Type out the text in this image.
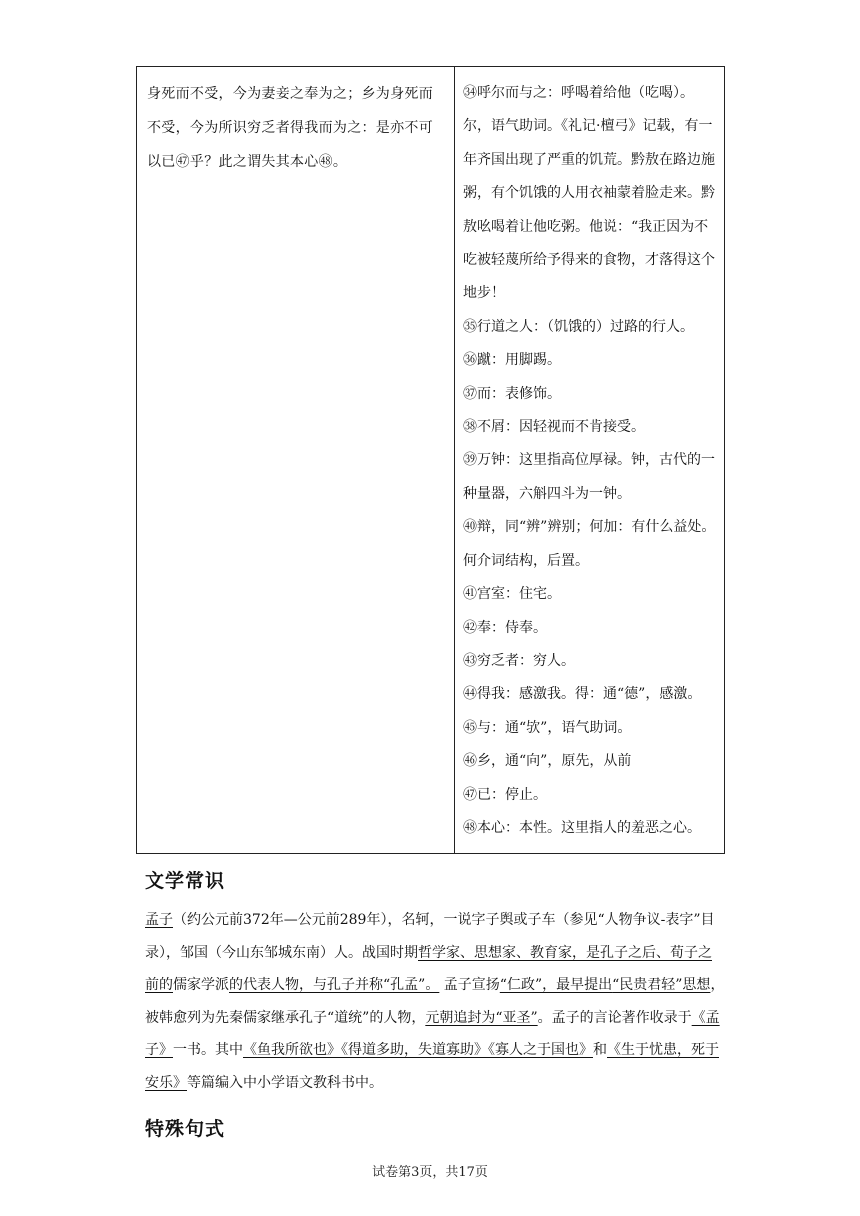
身死而不受，今为妻妾之奉为之；乡为身死而不受，今为所识穷乏者得我而为之：是亦不可以已㊼乎？此之谓失其本心㊽。

㉞呼尔而与之：呼喝着给他（吃喝）。尔，语气助词。《礼记·檀弓》记载，有一年齐国出现了严重的饥荒。黔敖在路边施粥，有个饥饿的人用衣袖蒙着脸走来。黔敖吆喝着让他吃粥。他说：“我正因为不吃被轻蔑所给予得来的食物，才落得这个地步！

㉟行道之人：（饥饿的）过路的行人。

㊱蹴：用脚踢。

㊲而：表修饰。

㊳不屑：因轻视而不肯接受。

㊴万钟：这里指高位厚禄。钟，古代的一种量器，六斛四斗为一钟。

㊵辩，同“辨”辨别；何加：有什么益处。何介词结构，后置。

㊶宫室：住宅。

㊷奉：侍奉。

㊸穷乏者：穷人。

㊹得我：感激我。得：通“德”，感激。

㊺与：通“欤”，语气助词。

㊻乡，通“向”，原先，从前

㊼已：停止。

㊽本心：本性。这里指人的羞恶之心。

文学常识

孟子（约公元前372年—公元前289年），名轲，一说字子舆或子车（参见“人物争议-表字”目录），邹国（今山东邹城东南）人。战国时期哲学家、思想家、教育家，是孔子之后、荀子之前的儒家学派的代表人物，与孔子并称“孔孟”。 孟子宣扬“仁政”，最早提出“民贵君轻”思想，被韩愈列为先秦儒家继承孔子“道统”的人物，元朝追封为“亚圣”。孟子的言论著作收录于《孟子》一书。其中《鱼我所欲也》《得道多助，失道寡助》《寡人之于国也》和《生于忧患，死于安乐》等篇编入中小学语文教科书中。

特殊句式
试卷第3页，共17页
